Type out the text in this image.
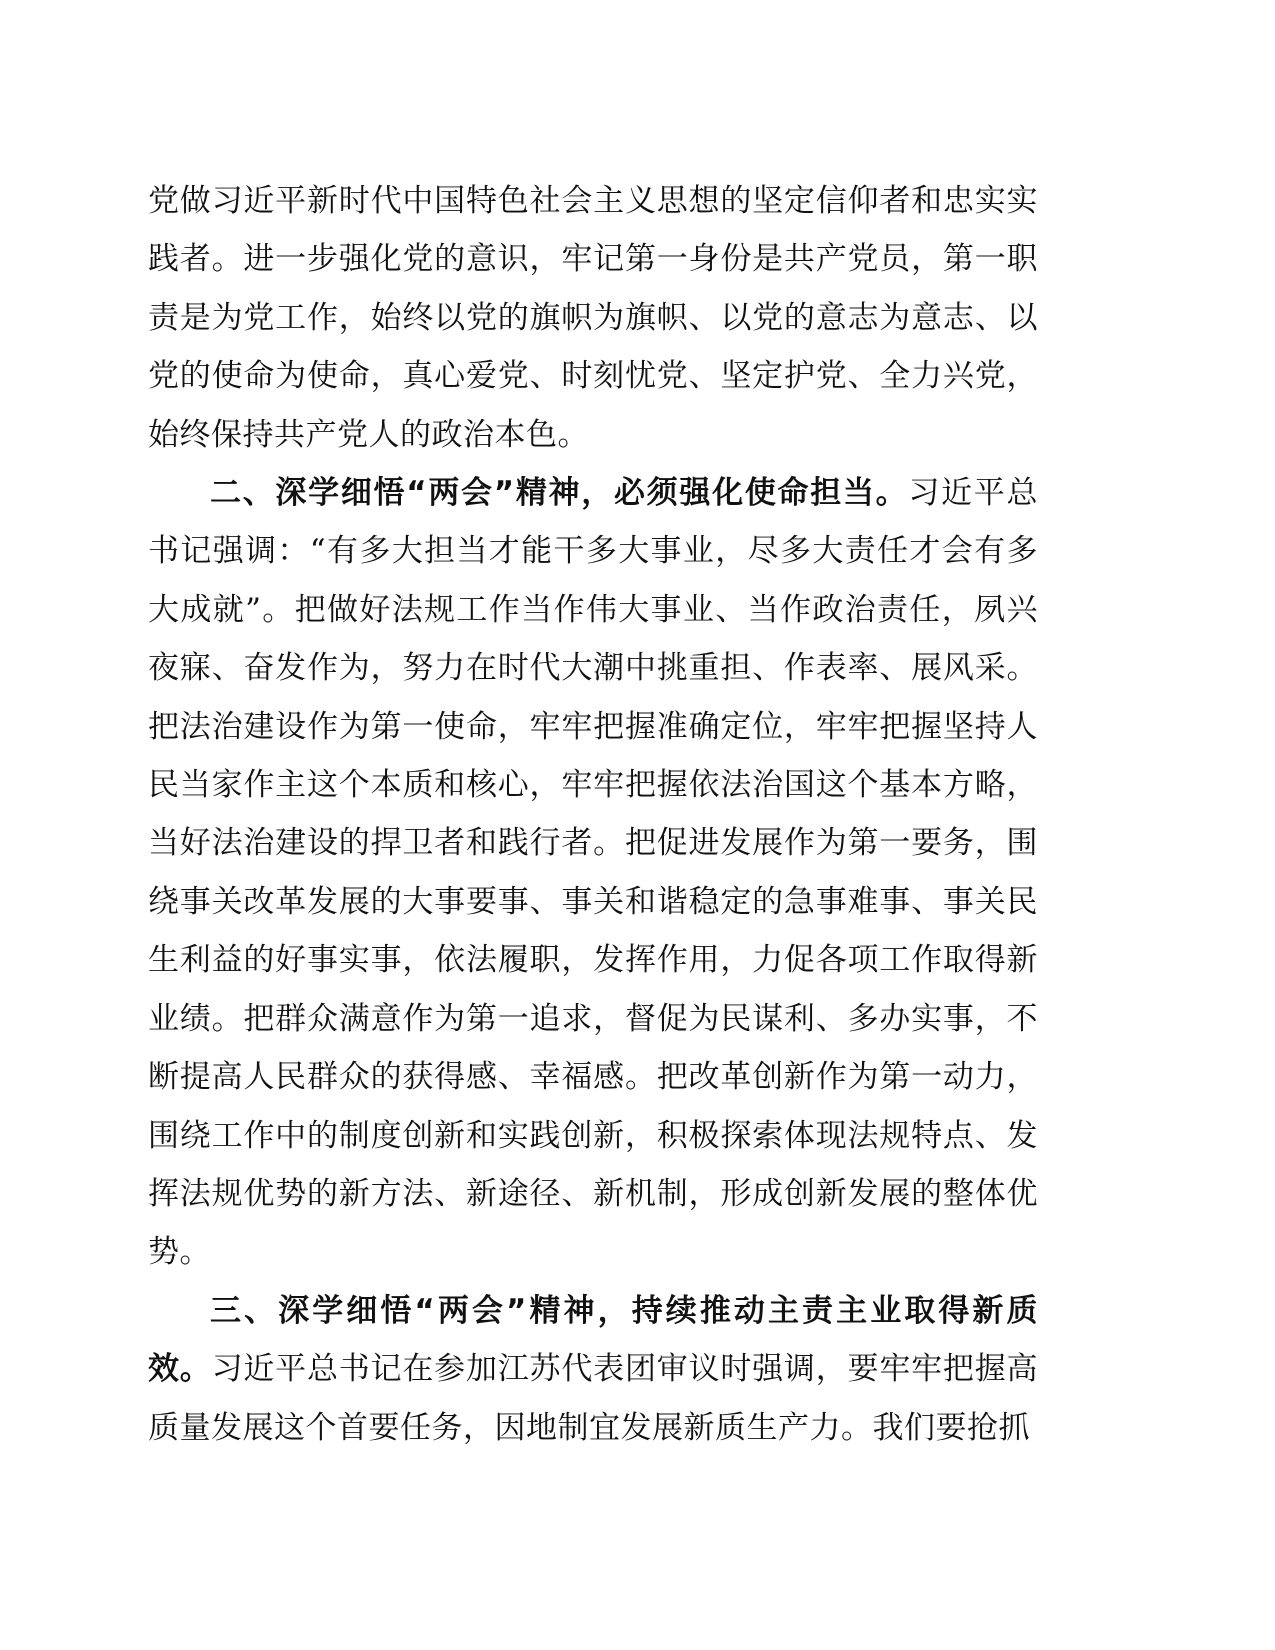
党做习近平新时代中国特色社会主义思想的坚定信仰者和忠实实践者。进一步强化党的意识，牢记第一身份是共产党员，第一职责是为党工作，始终以党的旗帜为旗帜、以党的意志为意志、以党的使命为使命，真心爱党、时刻忧党、坚定护党、全力兴党，始终保持共产党人的政治本色。

二、深学细悟“两会”精神，必须强化使命担当。习近平总书记强调：“有多大担当才能干多大事业，尽多大责任才会有多大成就”。把做好法规工作当作伟大事业、当作政治责任，夙兴夜寐、奋发作为，努力在时代大潮中挑重担、作表率、展风采。把法治建设作为第一使命，牢牢把握准确定位，牢牢把握坚持人民当家作主这个本质和核心，牢牢把握依法治国这个基本方略，当好法治建设的捍卫者和践行者。把促进发展作为第一要务，围绕事关改革发展的大事要事、事关和谐稳定的急事难事、事关民生利益的好事实事，依法履职，发挥作用，力促各项工作取得新业绩。把群众满意作为第一追求，督促为民谋利、多办实事，不断提高人民群众的获得感、幸福感。把改革创新作为第一动力，围绕工作中的制度创新和实践创新，积极探索体现法规特点、发挥法规优势的新方法、新途径、新机制，形成创新发展的整体优势。

三、深学细悟“两会”精神，持续推动主责主业取得新质效。习近平总书记在参加江苏代表团审议时强调，要牢牢把握高质量发展这个首要任务，因地制宜发展新质生产力。我们要抢抓
